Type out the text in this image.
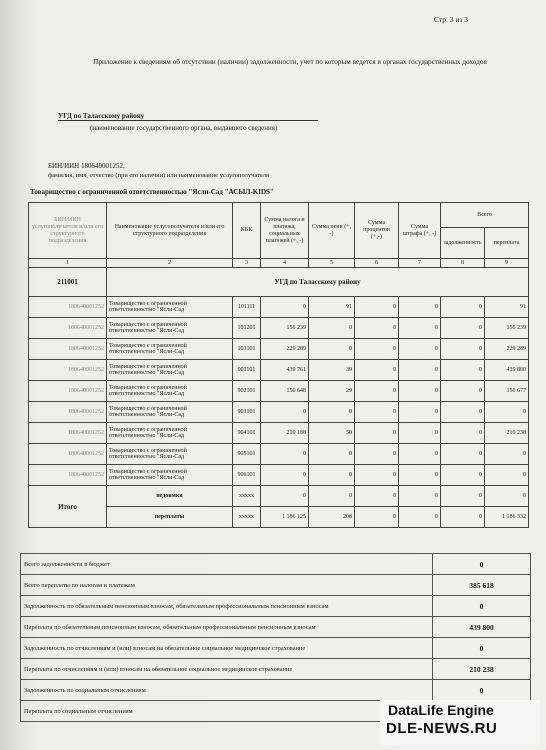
Стр. 3 из 3
Приложение к сведениям об отсутствии (наличии) задолженности, учет по которым ведется в органах государственных доходов
УГД по Таласскому району
(наименование государственного органа, выдавшего сведения)
БИН/ИИН 180640001252,
фамилия, имя, отчество (при его наличии) или наименование услугополучателя
Товарищество с ограниченной ответственностью "Ясли-Сад "АСЫЛ-KIDS"
БИН/ИИН услугополучателя и/или его структурного подразделения	Наименование услугополучателя и/или его структурного подразделения	КБК	Сумма налога и платежа, социальных платежей (+, -)	Сумма пени (+, -)	Сумма процентов (+,-)	Сумма штрафа (+, -)	Всего	
							задолженность	переплата
1	2	3	4	5	6	7	8	9
211001	УГД по Таласскому району							
180640001252	Товарищество с ограниченной ответственностью "Ясли-Сад	101111	0	91	0	0	0	91
180640001252	Товарищество с ограниченной ответственностью "Ясли-Сад	101201	156 239	0	0	0	0	156 239
180640001252	Товарищество с ограниченной ответственностью "Ясли-Сад	103101	229 289	0	0	0	0	229 289
180640001252	Товарищество с ограниченной ответственностью "Ясли-Сад	901101	439 761	39	0	0	0	439 800
180640001252	Товарищество с ограниченной ответственностью "Ясли-Сад	902101	150 648	29	0	0	0	150 677
180640001252	Товарищество с ограниченной ответственностью "Ясли-Сад	903101	0	0	0	0	0	0
180640001252	Товарищество с ограниченной ответственностью "Ясли-Сад	904101	210 188	50	0	0	0	210 238
180640001252	Товарищество с ограниченной ответственностью "Ясли-Сад	905101	0	0	0	0	0	0
180640001252	Товарищество с ограниченной ответственностью "Ясли-Сад	906101	0	0	0	0	0	0
Итого	недоимки	xxxxx	0	0	0	0	0	0
	переплаты	xxxxx	1 186 125	208	0	0	0	1 186 332
Всего задолженности в бюджет	0
Всего переплаты по налогам и платежам	385 618
Задолженность по обязательным пенсионным взносам, обязательным профессиональным пенсионным взносам	0
Переплата по обязательным пенсионным взносам, обязательным профессиональным пенсионным взносам	439 800
Задолженность по отчислениям и (или) взносам на обязательное социальное медицинское страхование	0
Переплата по отчислениям и (или) взносам на обязательное социальное медицинское страхование	210 238
Задолженность по социальным отчислениям	0
Переплата по социальным отчислениям		DataLife Engine
DLE-NEWS.RU
